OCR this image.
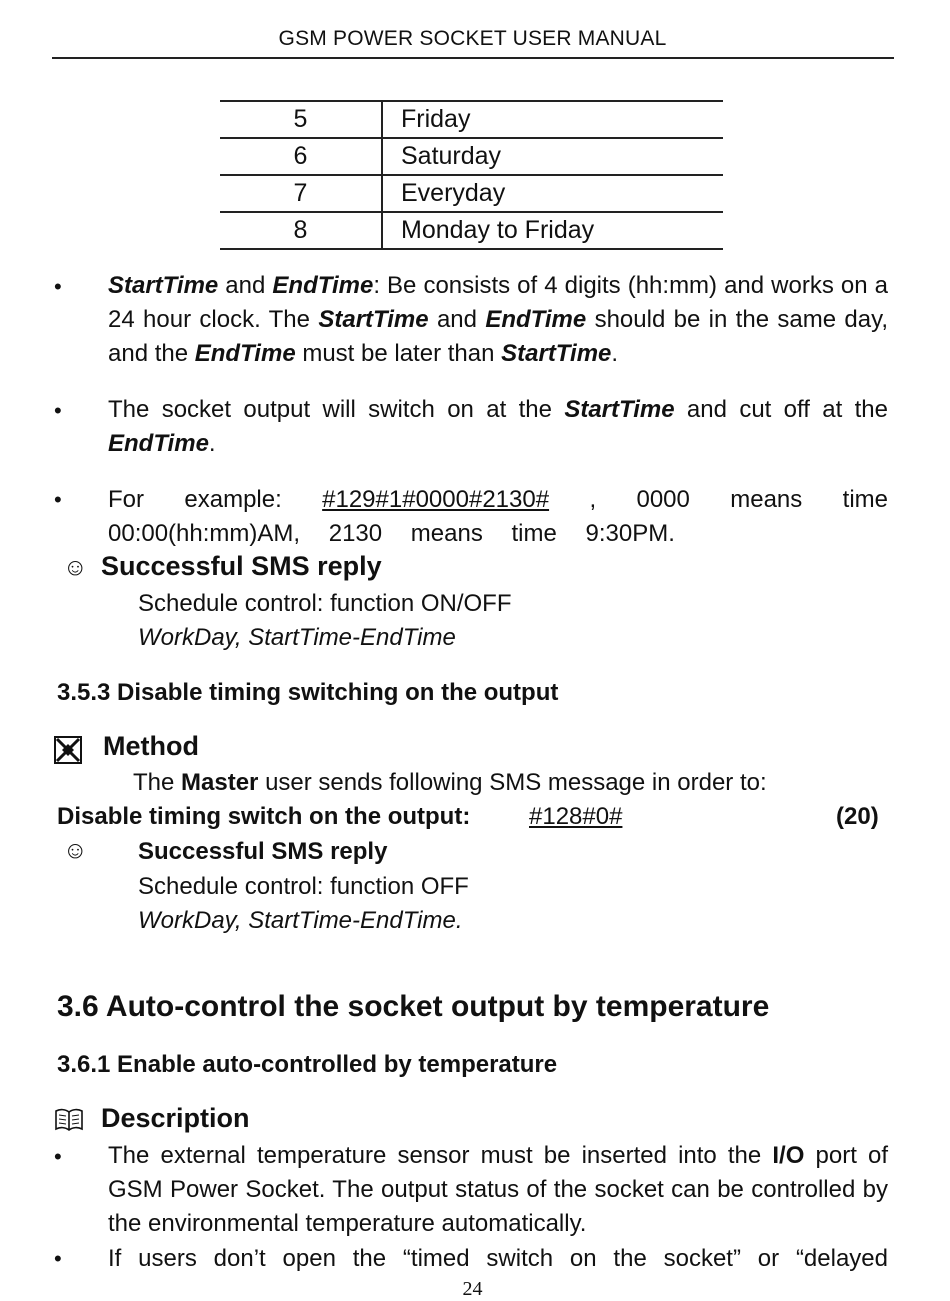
GSM POWER SOCKET USER MANUAL
5	Friday
6	Saturday
7	Everyday
8	Monday to Friday
• StartTime and EndTime: Be consists of 4 digits (hh:mm) and works on a 24 hour clock. The StartTime and EndTime should be in the same day, and the EndTime must be later than StartTime.
• The socket output will switch on at the StartTime and cut off at the EndTime.
• For example: #129#1#0000#2130# , 0000 means time 00:00(hh:mm)AM, 2130 means time 9:30PM.
☺ Successful SMS reply
Schedule control: function ON/OFF
WorkDay, StartTime-EndTime
3.5.3 Disable timing switching on the output
Method
The Master user sends following SMS message in order to:
Disable timing switch on the output: #128#0#	(20)
☺ Successful SMS reply
Schedule control: function OFF
WorkDay, StartTime-EndTime.
3.6 Auto-control the socket output by temperature
3.6.1 Enable auto-controlled by temperature
Description
• The external temperature sensor must be inserted into the I/O port of GSM Power Socket. The output status of the socket can be controlled by the environmental temperature automatically.
• If users don’t open the “timed switch on the socket” or “delayed
24
